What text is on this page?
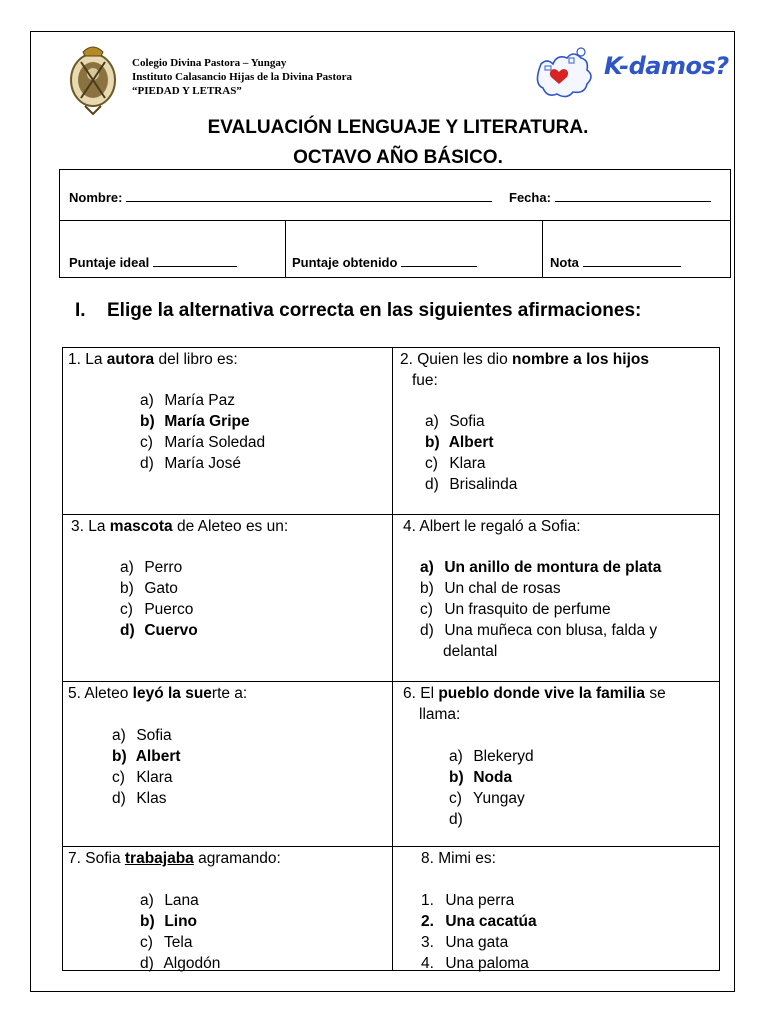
Colegio Divina Pastora – Yungay
Instituto Calasancio Hijas de la Divina Pastora
“PIEDAD Y LETRAS”
K-damos?
EVALUACIÓN LENGUAJE Y LITERATURA.
OCTAVO AÑO BÁSICO.
Nombre:	Fecha:
Puntaje ideal	Puntaje obtenido	Nota
I. Elige la alternativa correcta en las siguientes afirmaciones:
1. La autora del libro es:
a) María Paz
b) María Gripe
c) María Soledad
d) María José
2. Quien les dio nombre a los hijos
fue:
a) Sofia
b) Albert
c) Klara
d) Brisalinda
3. La mascota de Aleteo es un:
a) Perro
b) Gato
c) Puerco
d) Cuervo
4. Albert le regaló a Sofia:
a) Un anillo de montura de plata
b) Un chal de rosas
c) Un frasquito de perfume
d) Una muñeca con blusa, falda y
delantal
5. Aleteo leyó la suerte a:
a) Sofia
b) Albert
c) Klara
d) Klas
6. El pueblo donde vive la familia se
llama:
a) Blekeryd
b) Noda
c) Yungay
d)
7. Sofia trabajaba agramando:
a) Lana
b) Lino
c) Tela
d) Algodón
8. Mimi es:
1. Una perra
2. Una cacatúa
3. Una gata
4. Una paloma
